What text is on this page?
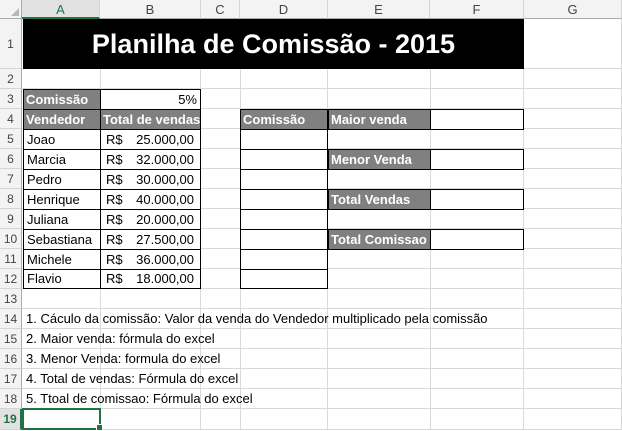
A	B	C	D	E	F	G
1
2
3
4
5
6
7
8
9
10
11
12
13
14
15
16
17
18
19
Planilha de Comissão - 2015
Comissão	5%
Vendedor	Total de vendas
Joao	R$ 25.000,00
Marcia	R$ 32.000,00
Pedro	R$ 30.000,00
Henrique	R$ 40.000,00
Juliana	R$ 20.000,00
Sebastiana	R$ 27.500,00
Michele	R$ 36.000,00
Flavio	R$ 18.000,00
Comissão	Maior venda
Menor Venda
Total Vendas
Total Comissao
1. Cáculo da comissão: Valor da venda do Vendedor multiplicado pela comissão
2. Maior venda: fórmula do excel
3. Menor Venda: formula do excel
4. Total de vendas: Fórmula do excel
5. Ttoal de comissao: Fórmula do excel
